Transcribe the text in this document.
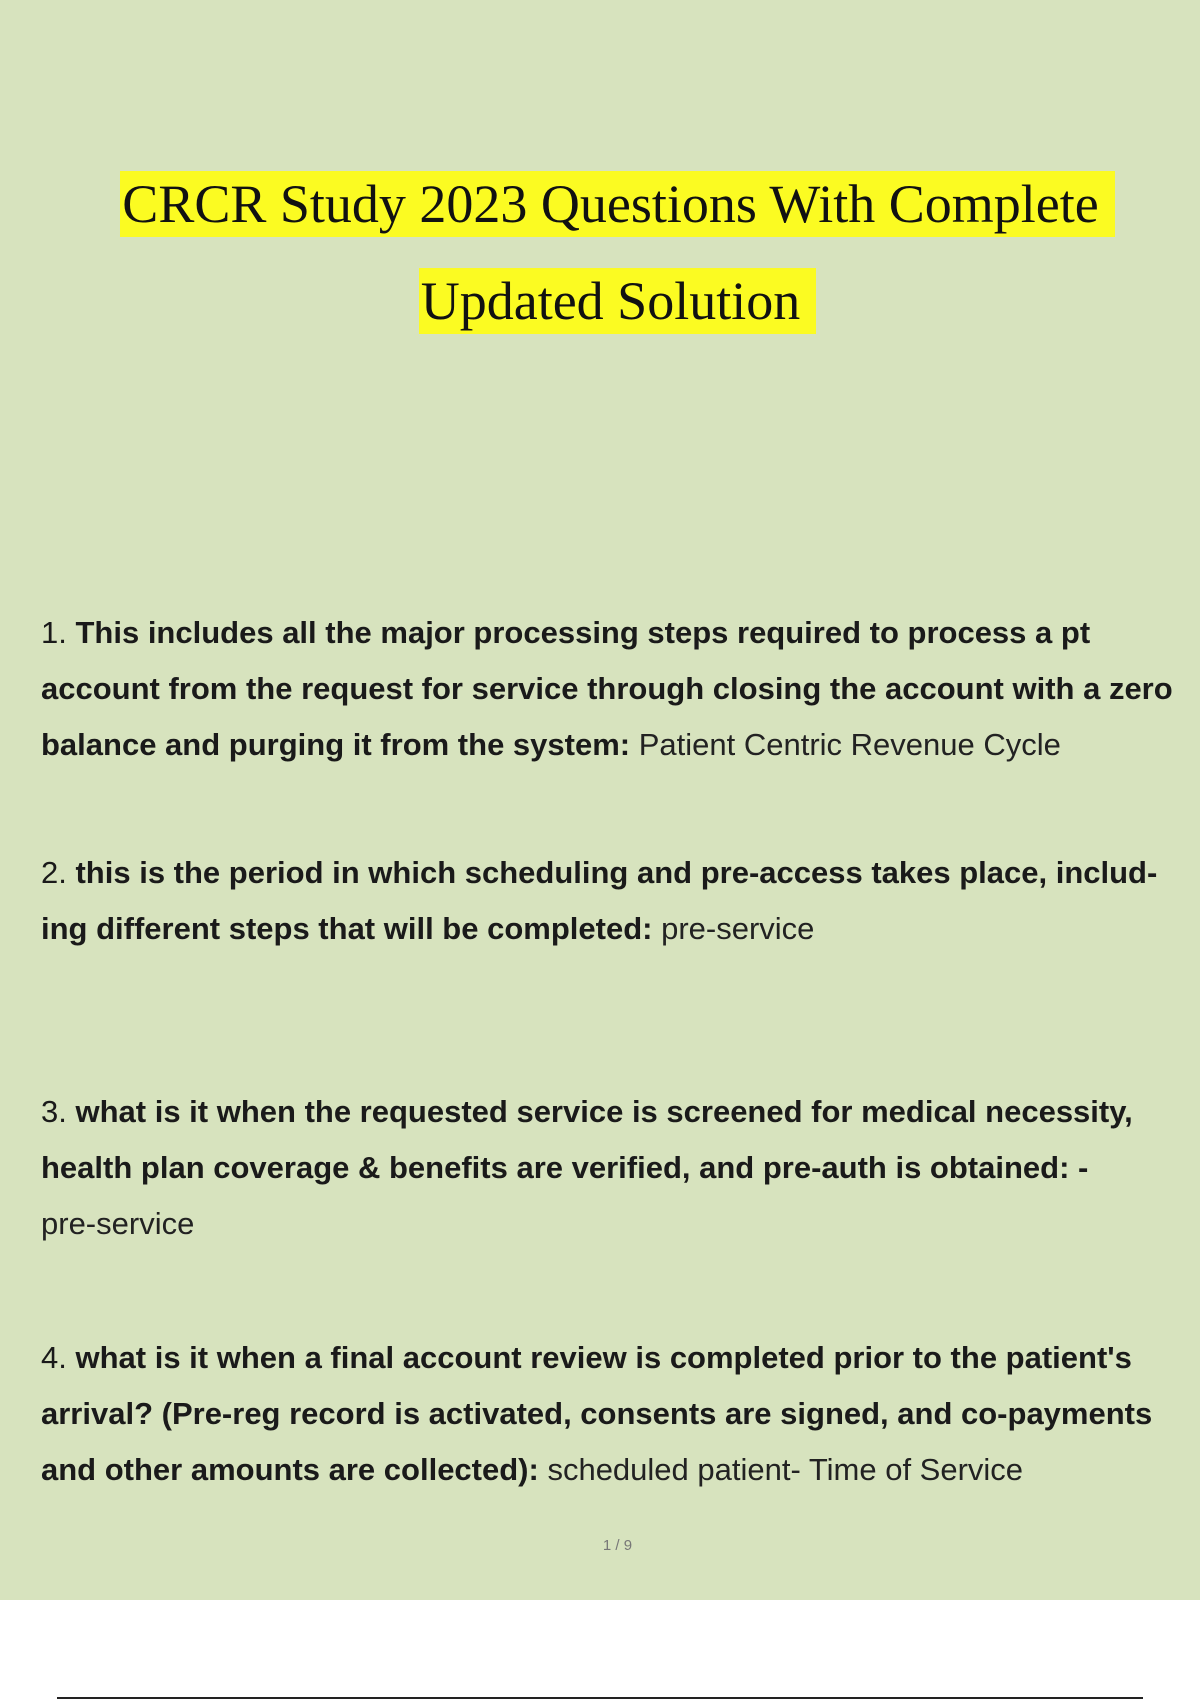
CRCR Study 2023 Questions With Complete
Updated Solution

1. This includes all the major processing steps required to process a pt account from the request for service through closing the account with a zero balance and purging it from the system: Patient Centric Revenue Cycle

2. this is the period in which scheduling and pre-access takes place, includ-ing different steps that will be completed: pre-service

3. what is it when the requested service is screened for medical necessity, health plan coverage & benefits are verified, and pre-auth is obtained: -
pre-service

4. what is it when a final account review is completed prior to the patient's arrival? (Pre-reg record is activated, consents are signed, and co-payments and other amounts are collected): scheduled patient- Time of Service

1 / 9
